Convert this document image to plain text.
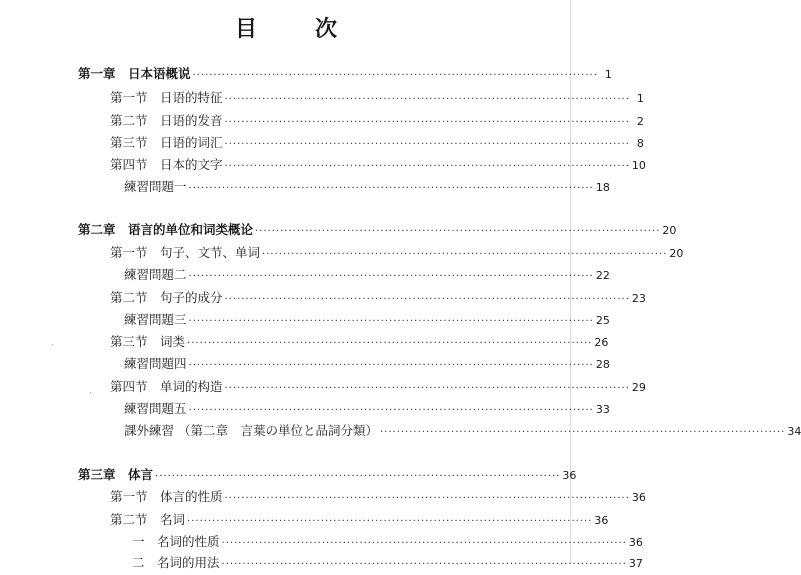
目	次
第一章　 日本语概说 ································································································· 1
第一节　 日语的特征 ································································································· 1
第二节　 日语的发音 ································································································· 2
第三节　 日语的词汇 ································································································· 8
第四节　 日本的文字 ································································································· 10
練習問題一 ································································································· 18
第二章　 语言的单位和词类概论 ································································································· 20
第一节　 句子、文节、单词 ································································································· 20
練習問題二 ································································································· 22
第二节　 句子的成分 ································································································· 23
練習問題三 ································································································· 25
第三节　 词类 ································································································· 26
練習問題四 ································································································· 28
第四节　 单词的构造 ································································································· 29
練習問題五 ································································································· 33
課外練習 （第二章　言葉の単位と品詞分類） ································································································· 34
第三章　 体言 ································································································· 36
第一节　 体言的性质 ································································································· 36
第二节　 名词 ································································································· 36
一　 名词的性质 ································································································· 36
二　 名词的用法 ································································································· 37
